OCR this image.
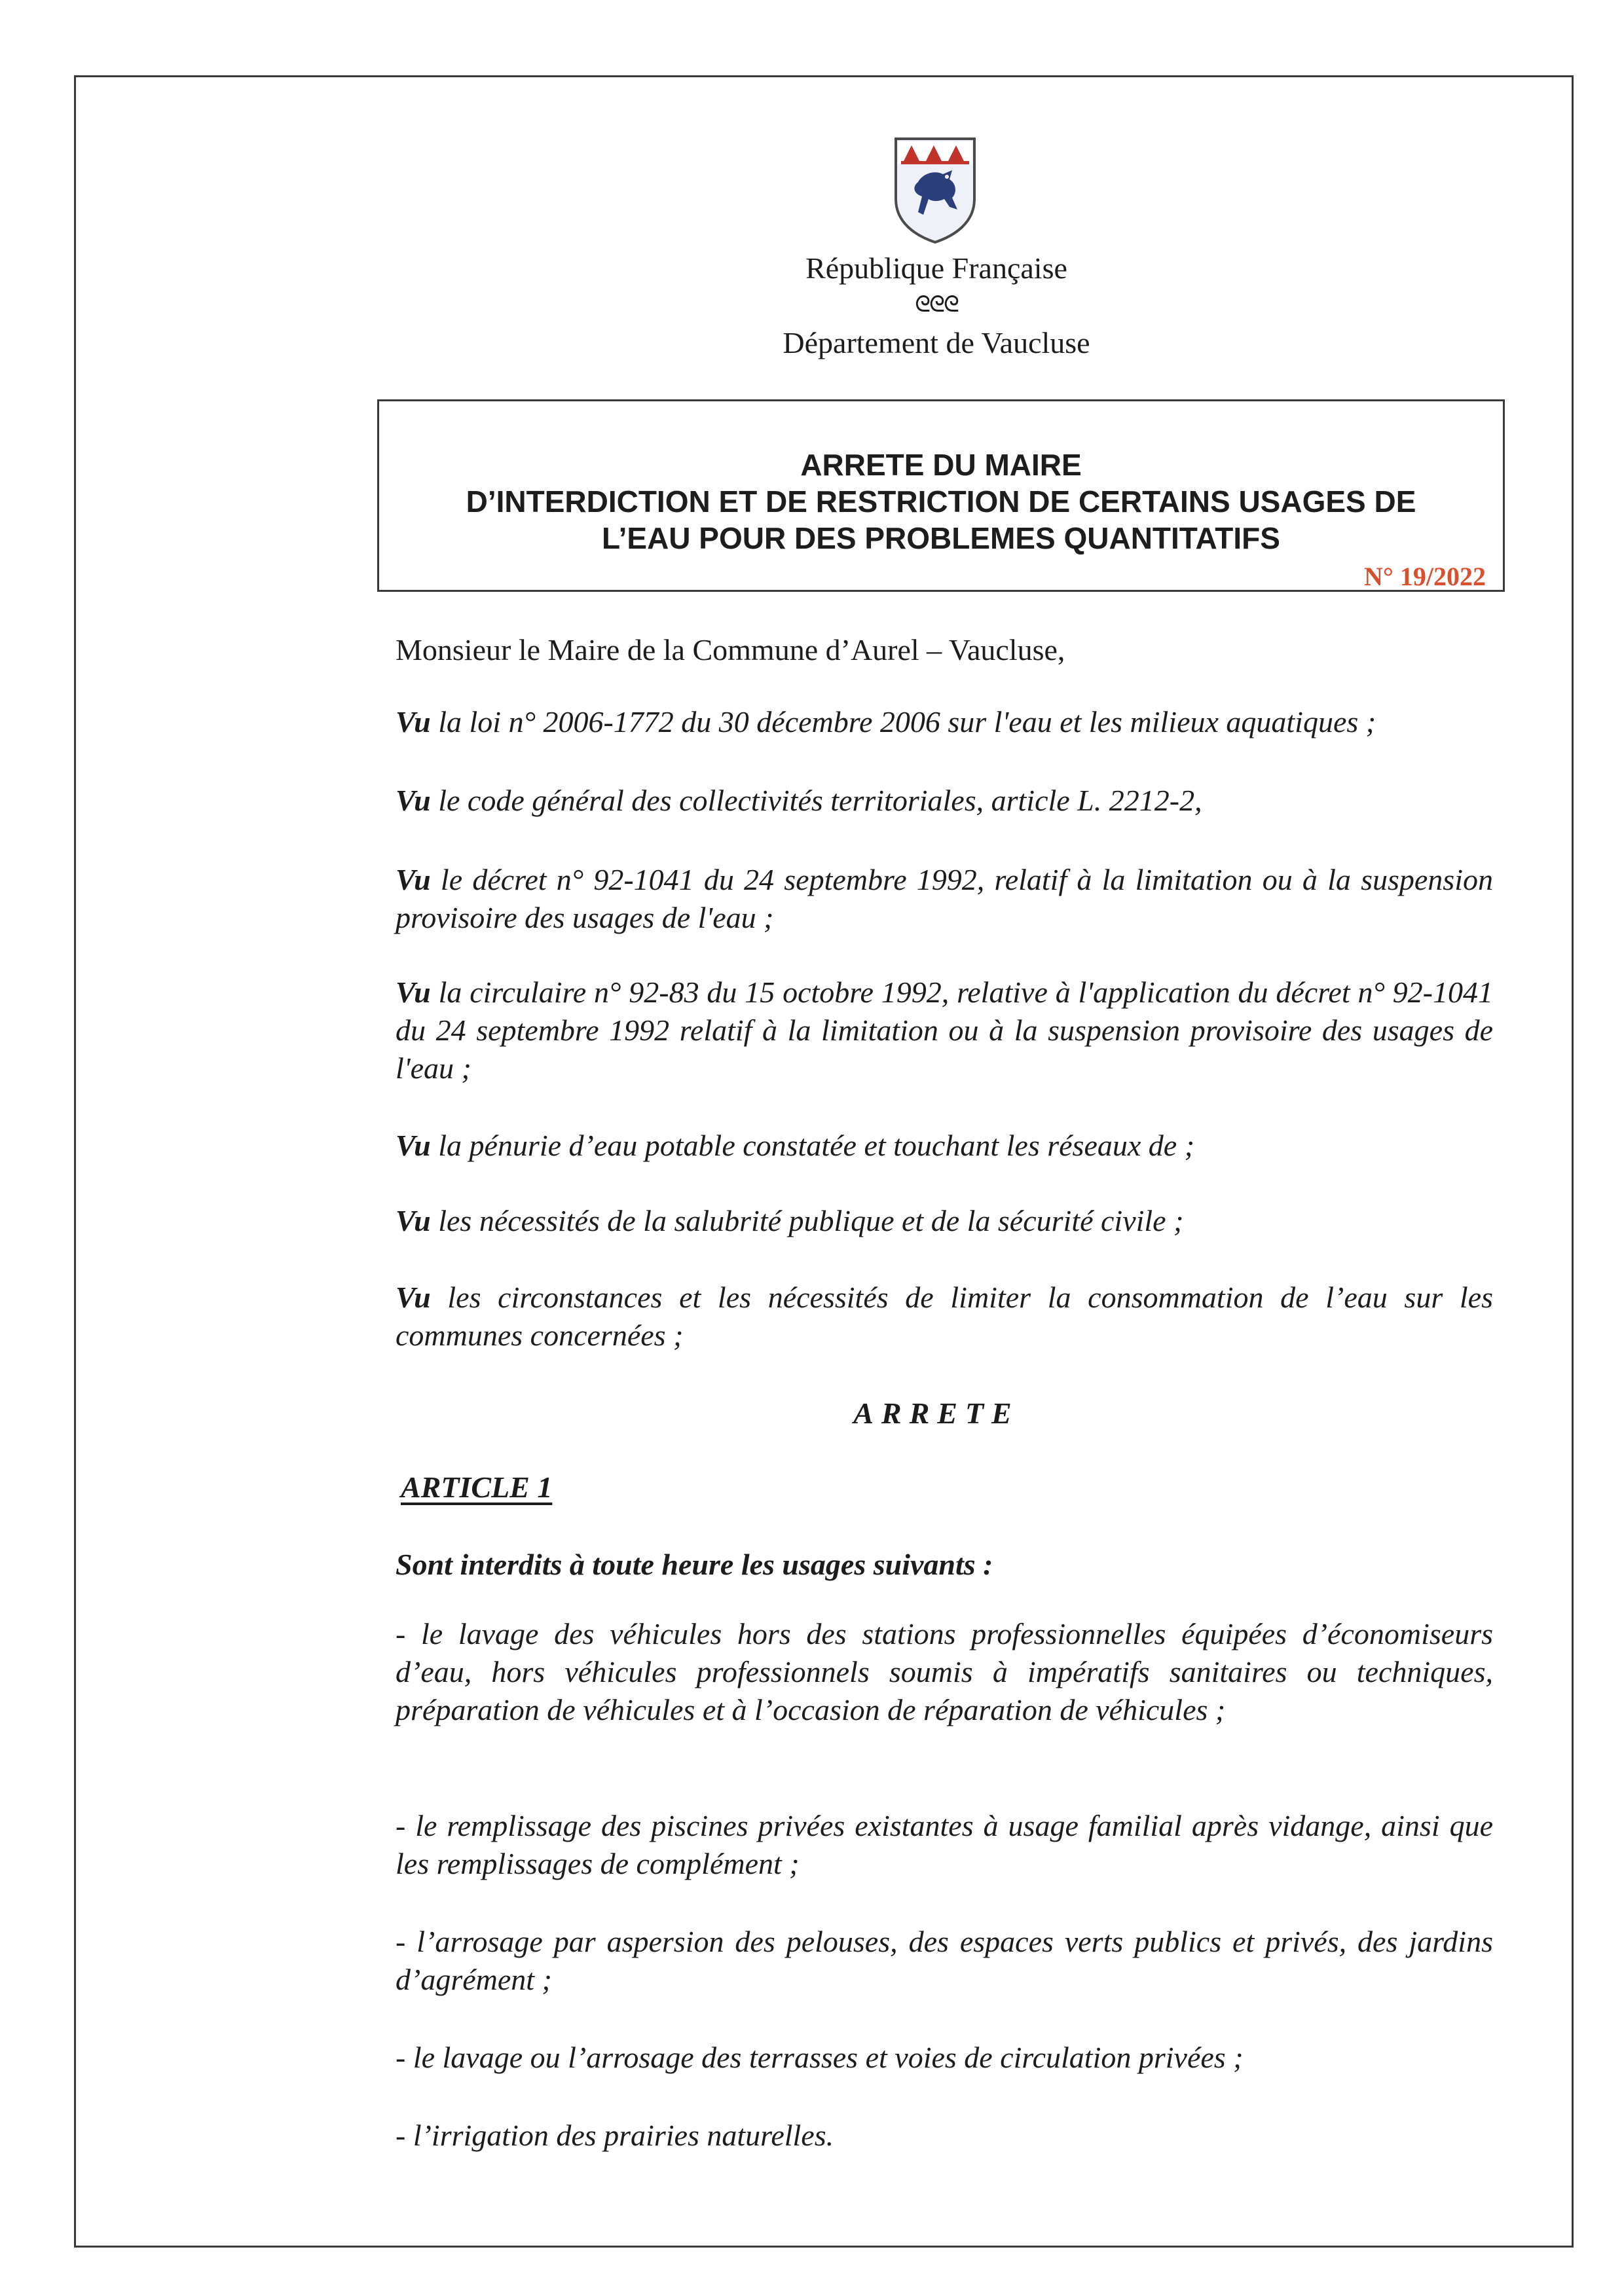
République Française
ᘓᘓᘓ
Département de Vaucluse
ARRETE DU MAIRE
D’INTERDICTION ET DE RESTRICTION DE CERTAINS USAGES DE
L’EAU POUR DES PROBLEMES QUANTITATIFS
N° 19/2022
Monsieur le Maire de la Commune d’Aurel – Vaucluse,
Vu la loi n° 2006-1772 du 30 décembre 2006 sur l'eau et les milieux aquatiques ;
Vu le code général des collectivités territoriales, article L. 2212-2,
Vu le décret n° 92-1041 du 24 septembre 1992, relatif à la limitation ou à la suspension provisoire des usages de l'eau ;
Vu la circulaire n° 92-83 du 15 octobre 1992, relative à l'application du décret n° 92-1041 du 24 septembre 1992 relatif à la limitation ou à la suspension provisoire des usages de l'eau ;
Vu la pénurie d’eau potable constatée et touchant les réseaux de ;
Vu les nécessités de la salubrité publique et de la sécurité civile ;
Vu les circonstances et les nécessités de limiter la consommation de l’eau sur les communes concernées ;
ARRETE
ARTICLE 1
Sont interdits à toute heure les usages suivants :
- le lavage des véhicules hors des stations professionnelles équipées d’économiseurs d’eau, hors véhicules professionnels soumis à impératifs sanitaires ou techniques, préparation de véhicules et à l’occasion de réparation de véhicules ;
- le remplissage des piscines privées existantes à usage familial après vidange, ainsi que les remplissages de complément ;
- l’arrosage par aspersion des pelouses, des espaces verts publics et privés, des jardins d’agrément ;
- le lavage ou l’arrosage des terrasses et voies de circulation privées ;
- l’irrigation des prairies naturelles.
